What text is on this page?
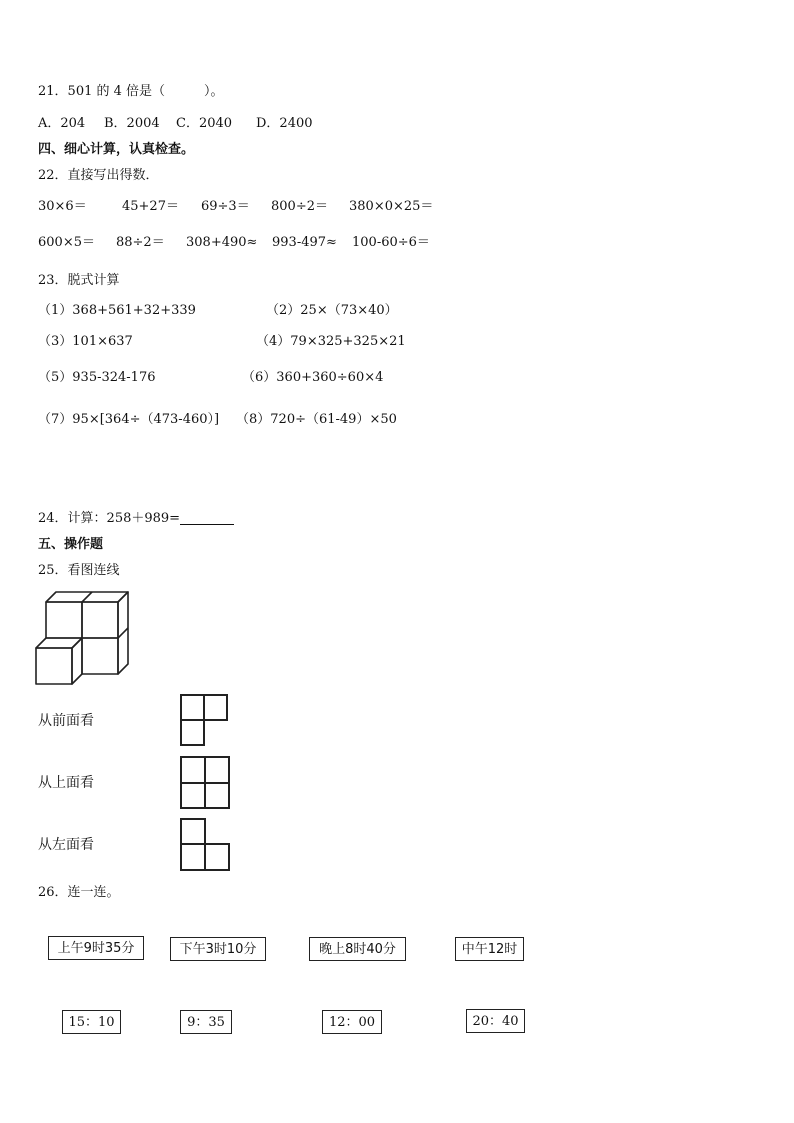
21．501 的 4 倍是（　　　）。
A．204 B．2004 C．2040 D．2400
四、细心计算，认真检查。
22．直接写出得数．
30×6＝	45+27＝ 69÷3＝ 800÷2＝ 380×0×25＝
600×5＝ 88÷2＝ 308+490≈ 993-497≈ 100-60÷6＝
23．脱式计算
（1）368+561+32+339	（2）25×（73×40）
（3）101×637	（4）79×325+325×21
（5）935-324-176	（6）360+360÷60×4
（7）95×[364÷（473-460）] （8）720÷（61-49）×50
24．计算：258＋989=
五、操作题
25．看图连线
从前面看
从上面看
从左面看
26．连一连。
上午9时35分	下午3时10分	晚上8时40分	中午12时
15：10	9：35	12：00	20：40
